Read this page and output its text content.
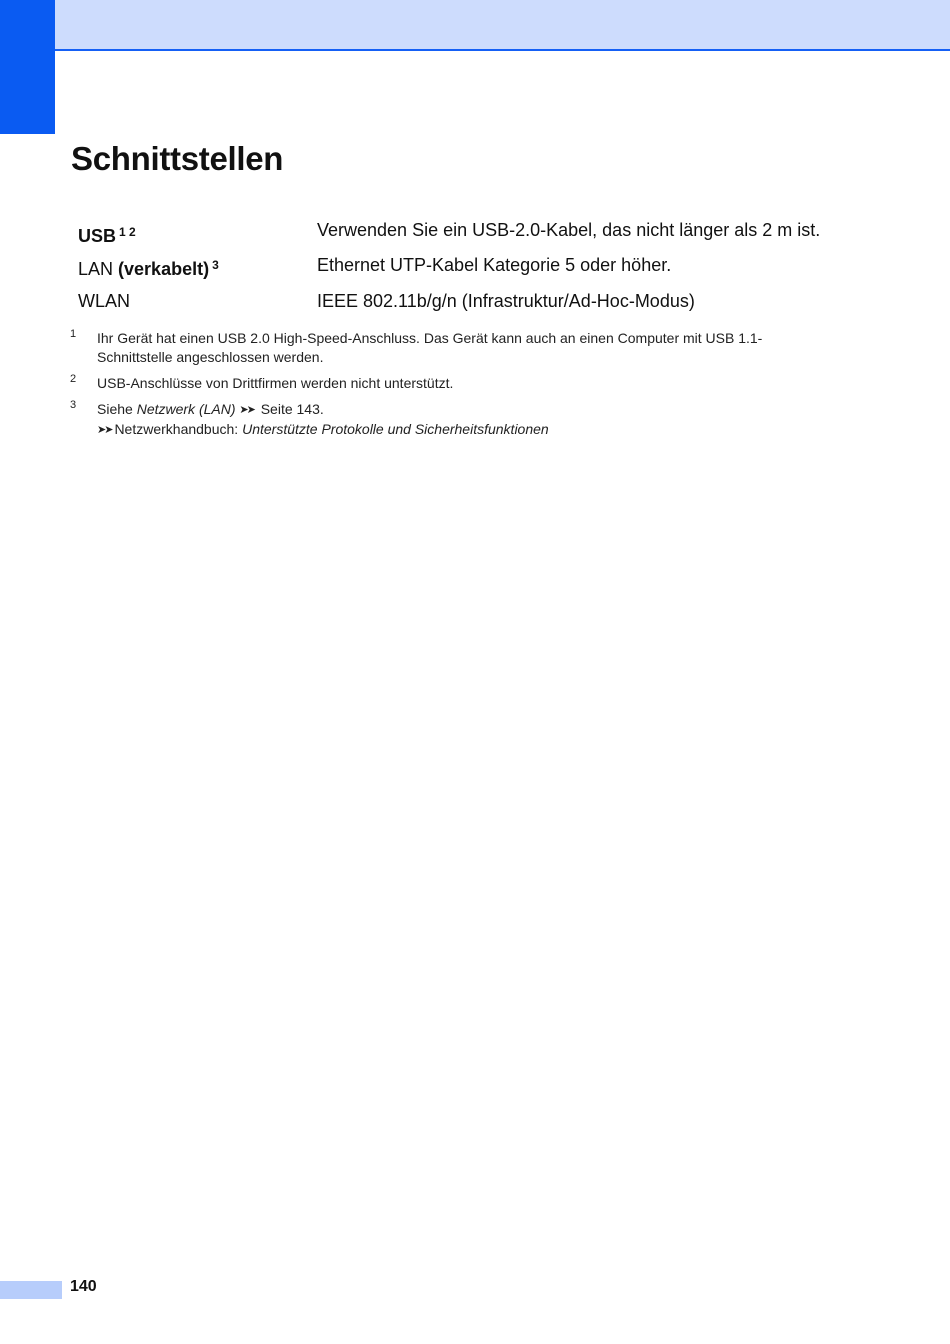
Schnittstellen
USB $^{1 2}$	Verwenden Sie ein USB-2.0-Kabel, das nicht länger als 2 m ist.
LAN (verkabelt) $^3$	Ethernet UTP-Kabel Kategorie 5 oder höher.
WLAN	IEEE 802.11b/g/n (Infrastruktur/Ad-Hoc-Modus)
1 Ihr Gerät hat einen USB 2.0 High-Speed-Anschluss. Das Gerät kann auch an einen Computer mit USB 1.1-Schnittstelle angeschlossen werden.
2 USB-Anschlüsse von Drittfirmen werden nicht unterstützt.
3 Siehe Netzwerk (LAN) ➤➤ Seite 143.
➤➤ Netzwerkhandbuch: Unterstützte Protokolle und Sicherheitsfunktionen
140
